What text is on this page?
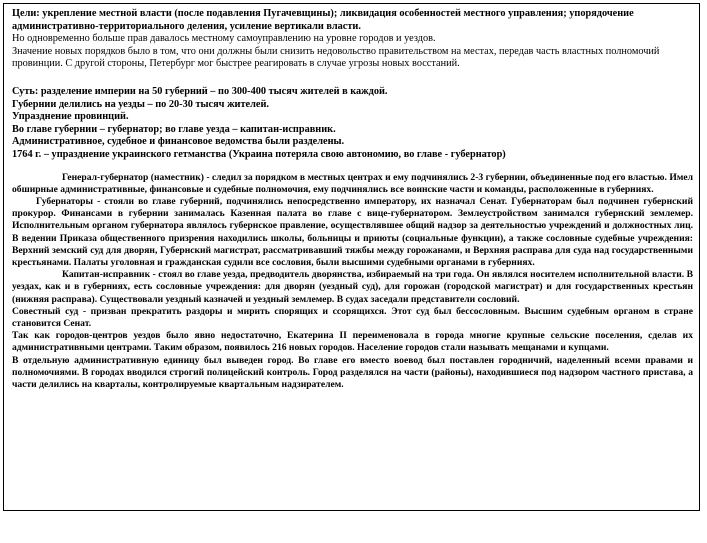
Цели: укрепление местной власти (после подавления Пугачевщины); ликвидация особенностей местного управления; упорядочение административно-территориального деления, усиление вертикали власти.
Но одновременно больше прав давалось местному самоуправлению на уровне городов и уездов.
Значение новых порядков было в том, что они должны были снизить недовольство правительством на местах, передав часть властных полномочий провинции. С другой стороны, Петербург мог быстрее реагировать в случае угрозы новых восстаний.
Суть: разделение империи на 50 губерний – по 300-400 тысяч жителей в каждой.
Губернии делились на уезды – по 20-30 тысяч жителей.
Упразднение провинций.
Во главе губернии – губернатор; во главе уезда – капитан-исправник.
Административное, судебное и финансовое ведомства были разделены.
1764 г. – упразднение украинского гетманства (Украина потеряла свою автономию, во главе - губернатор)

Генерал-губернатор (наместник) - следил за порядком в местных центрах и ему подчинялись 2-3 губернии, объединенные под его властью. Имел обширные административные, финансовые и судебные полномочия, ему подчинялись все воинские части и команды, расположенные в губерниях.

Губернаторы - стояли во главе губерний, подчинялись непосредственно императору, их назначал Сенат. Губернаторам был подчинен губернский прокурор. Финансами в губернии занималась Казенная палата во главе с вице-губернатором. Землеустройством занимался губернский землемер. Исполнительным органом губернатора являлось губернское правление, осуществлявшее общий надзор за деятельностью учреждений и должностных лиц. В ведении Приказа общественного призрения находились школы, больницы и приюты (социальные функции), а также сословные судебные учреждения: Верхний земский суд для дворян, Губернский магистрат, рассматривавший тяжбы между горожанами, и Верхняя расправа для суда над государственными крестьянами. Палаты уголовная и гражданская судили все сословия, были высшими судебными органами в губерниях.

Капитан-исправник - стоял во главе уезда, предводитель дворянства, избираемый на три года. Он являлся носителем исполнительной власти. В уездах, как и в губерниях, есть сословные учреждения: для дворян (уездный суд), для горожан (городской магистрат) и для государственных крестьян (нижняя расправа). Существовали уездный казначей и уездный землемер. В судах заседали представители сословий.

Совестный суд - призван прекратить раздоры и мирить спорящих и ссорящихся. Этот суд был бессословным. Высшим судебным органом в стране становится Сенат.

Так как городов-центров уездов было явно недостаточно, Екатерина II переименовала в города многие крупные сельские поселения, сделав их административными центрами. Таким образом, появилось 216 новых городов. Население городов стали называть мещанами и купцами.

В отдельную административную единицу был выведен город. Во главе его вместо воевод был поставлен городничий, наделенный всеми правами и полномочиями. В городах вводился строгий полицейский контроль. Город разделялся на части (районы), находившиеся под надзором частного пристава, а части делились на кварталы, контролируемые квартальным надзирателем.
